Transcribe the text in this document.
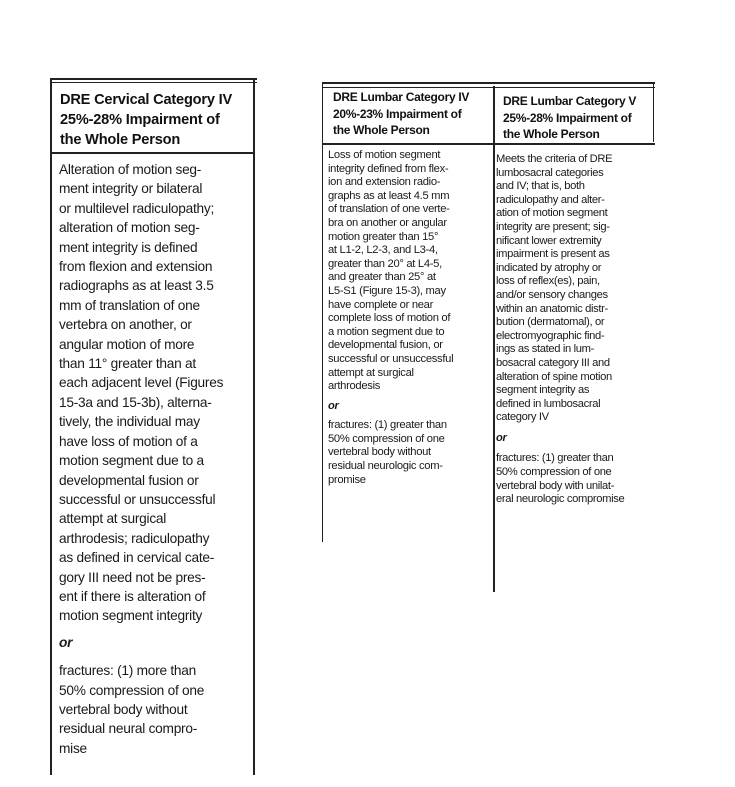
DRE Cervical Category IV
25%-28% Impairment of
the Whole Person
Alteration of motion seg-
ment integrity or bilateral
or multilevel radiculopathy;
alteration of motion seg-
ment integrity is defined
from flexion and extension
radiographs as at least 3.5
mm of translation of one
vertebra on another, or
angular motion of more
than 11° greater than at
each adjacent level (Figures
15-3a and 15-3b), alterna-
tively, the individual may
have loss of motion of a
motion segment due to a
developmental fusion or
successful or unsuccessful
attempt at surgical
arthrodesis; radiculopathy
as defined in cervical cate-
gory III need not be pres-
ent if there is alteration of
motion segment integrity
or
fractures: (1) more than
50% compression of one
vertebral body without
residual neural compro-
mise
DRE Lumbar Category IV
20%-23% Impairment of
the Whole Person
Loss of motion segment
integrity defined from flex-
ion and extension radio-
graphs as at least 4.5 mm
of translation of one verte-
bra on another or angular
motion greater than 15°
at L1-2, L2-3, and L3-4,
greater than 20° at L4-5,
and greater than 25° at
L5-S1 (Figure 15-3), may
have complete or near
complete loss of motion of
a motion segment due to
developmental fusion, or
successful or unsuccessful
attempt at surgical
arthrodesis
or
fractures: (1) greater than
50% compression of one
vertebral body without
residual neurologic com-
promise
DRE Lumbar Category V
25%-28% Impairment of
the Whole Person
Meets the criteria of DRE
lumbosacral categories
and IV; that is, both
radiculopathy and alter-
ation of motion segment
integrity are present; sig-
nificant lower extremity
impairment is present as
indicated by atrophy or
loss of reflex(es), pain,
and/or sensory changes
within an anatomic distr-
bution (dermatomal), or
electromyographic find-
ings as stated in lum-
bosacral category III and
alteration of spine motion
segment integrity as
defined in lumbosacral
category IV
or
fractures: (1) greater than
50% compression of one
vertebral body with unilat-
eral neurologic compromise
